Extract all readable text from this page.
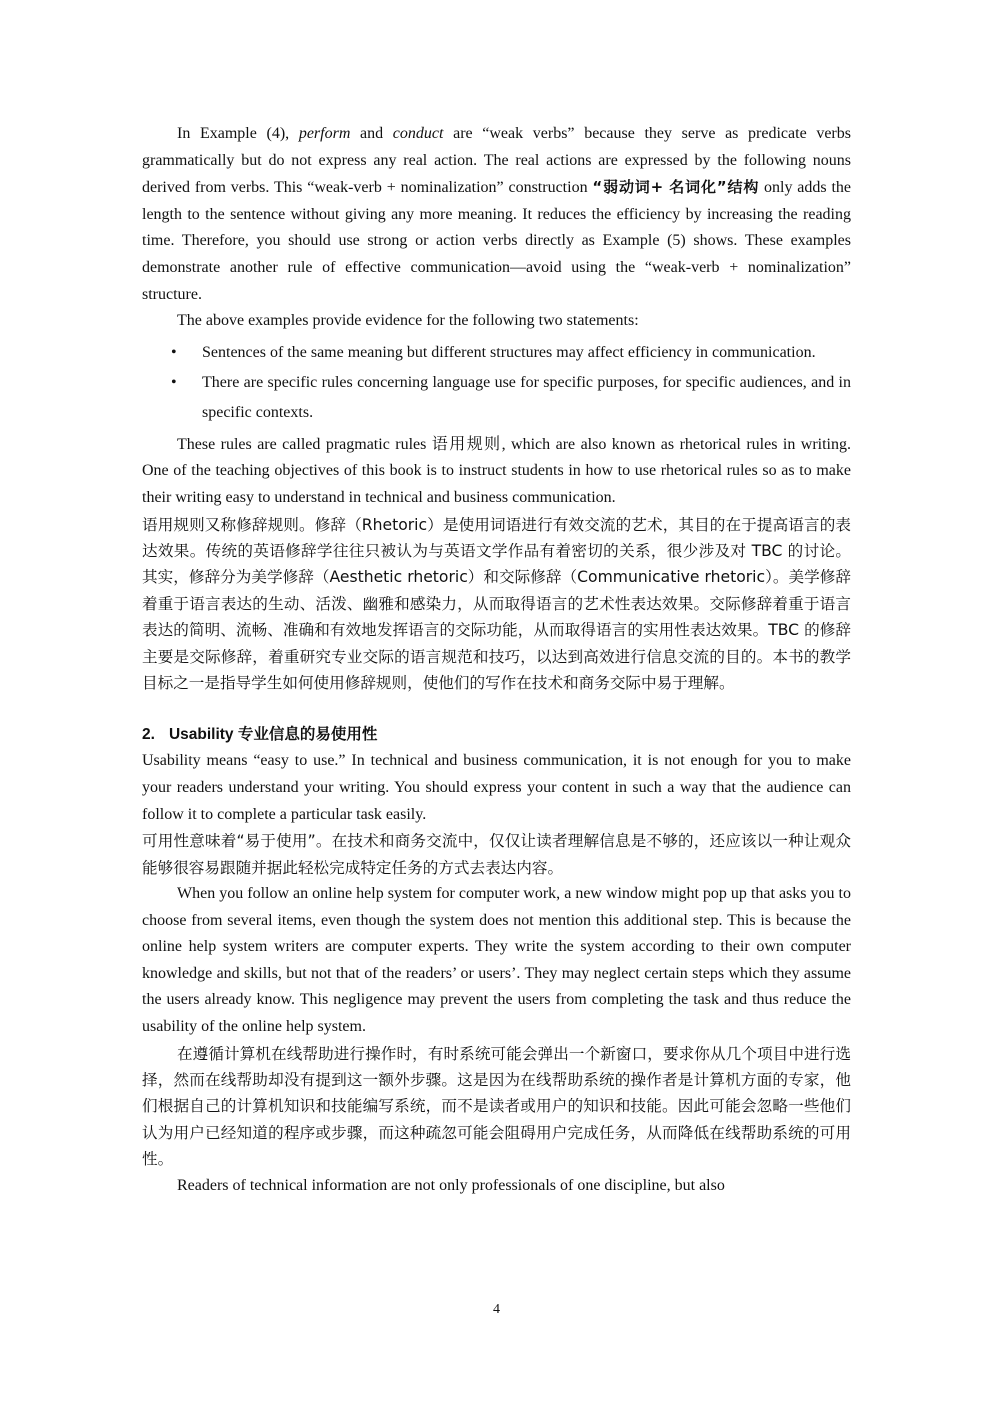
In Example (4), perform and conduct are “weak verbs” because they serve as predicate verbs grammatically but do not express any real action. The real actions are expressed by the following nouns derived from verbs. This “weak-verb + nominalization” construction “弱动词+ 名词化”结构 only adds the length to the sentence without giving any more meaning. It reduces the efficiency by increasing the reading time. Therefore, you should use strong or action verbs directly as Example (5) shows. These examples demonstrate another rule of effective communication—avoid using the “weak-verb + nominalization” structure.

The above examples provide evidence for the following two statements:

• Sentences of the same meaning but different structures may affect efficiency in communication.
• There are specific rules concerning language use for specific purposes, for specific audiences, and in specific contexts.

These rules are called pragmatic rules 语用规则, which are also known as rhetorical rules in writing. One of the teaching objectives of this book is to instruct students in how to use rhetorical rules so as to make their writing easy to understand in technical and business communication.

语用规则又称修辞规则。修辞（Rhetoric）是使用词语进行有效交流的艺术，其目的在于提高语言的表达效果。传统的英语修辞学往往只被认为与英语文学作品有着密切的关系，很少涉及对 TBC 的讨论。其实，修辞分为美学修辞（Aesthetic rhetoric）和交际修辞（Communicative rhetoric）。美学修辞着重于语言表达的生动、活泼、幽雅和感染力，从而取得语言的艺术性表达效果。交际修辞着重于语言表达的简明、流畅、准确和有效地发挥语言的交际功能，从而取得语言的实用性表达效果。TBC 的修辞主要是交际修辞，着重研究专业交际的语言规范和技巧，以达到高效进行信息交流的目的。本书的教学目标之一是指导学生如何使用修辞规则，使他们的写作在技术和商务交际中易于理解。

2. Usability 专业信息的易使用性

Usability means “easy to use.” In technical and business communication, it is not enough for you to make your readers understand your writing. You should express your content in such a way that the audience can follow it to complete a particular task easily.

可用性意味着“易于使用”。在技术和商务交流中，仅仅让读者理解信息是不够的，还应该以一种让观众能够很容易跟随并据此轻松完成特定任务的方式去表达内容。

When you follow an online help system for computer work, a new window might pop up that asks you to choose from several items, even though the system does not mention this additional step. This is because the online help system writers are computer experts. They write the system according to their own computer knowledge and skills, but not that of the readers’ or users’. They may neglect certain steps which they assume the users already know. This negligence may prevent the users from completing the task and thus reduce the usability of the online help system.

在遵循计算机在线帮助进行操作时，有时系统可能会弹出一个新窗口，要求你从几个项目中进行选择，然而在线帮助却没有提到这一额外步骤。这是因为在线帮助系统的操作者是计算机方面的专家，他们根据自己的计算机知识和技能编写系统，而不是读者或用户的知识和技能。因此可能会忽略一些他们认为用户已经知道的程序或步骤，而这种疏忽可能会阻碍用户完成任务，从而降低在线帮助系统的可用性。

Readers of technical information are not only professionals of one discipline, but also

4
